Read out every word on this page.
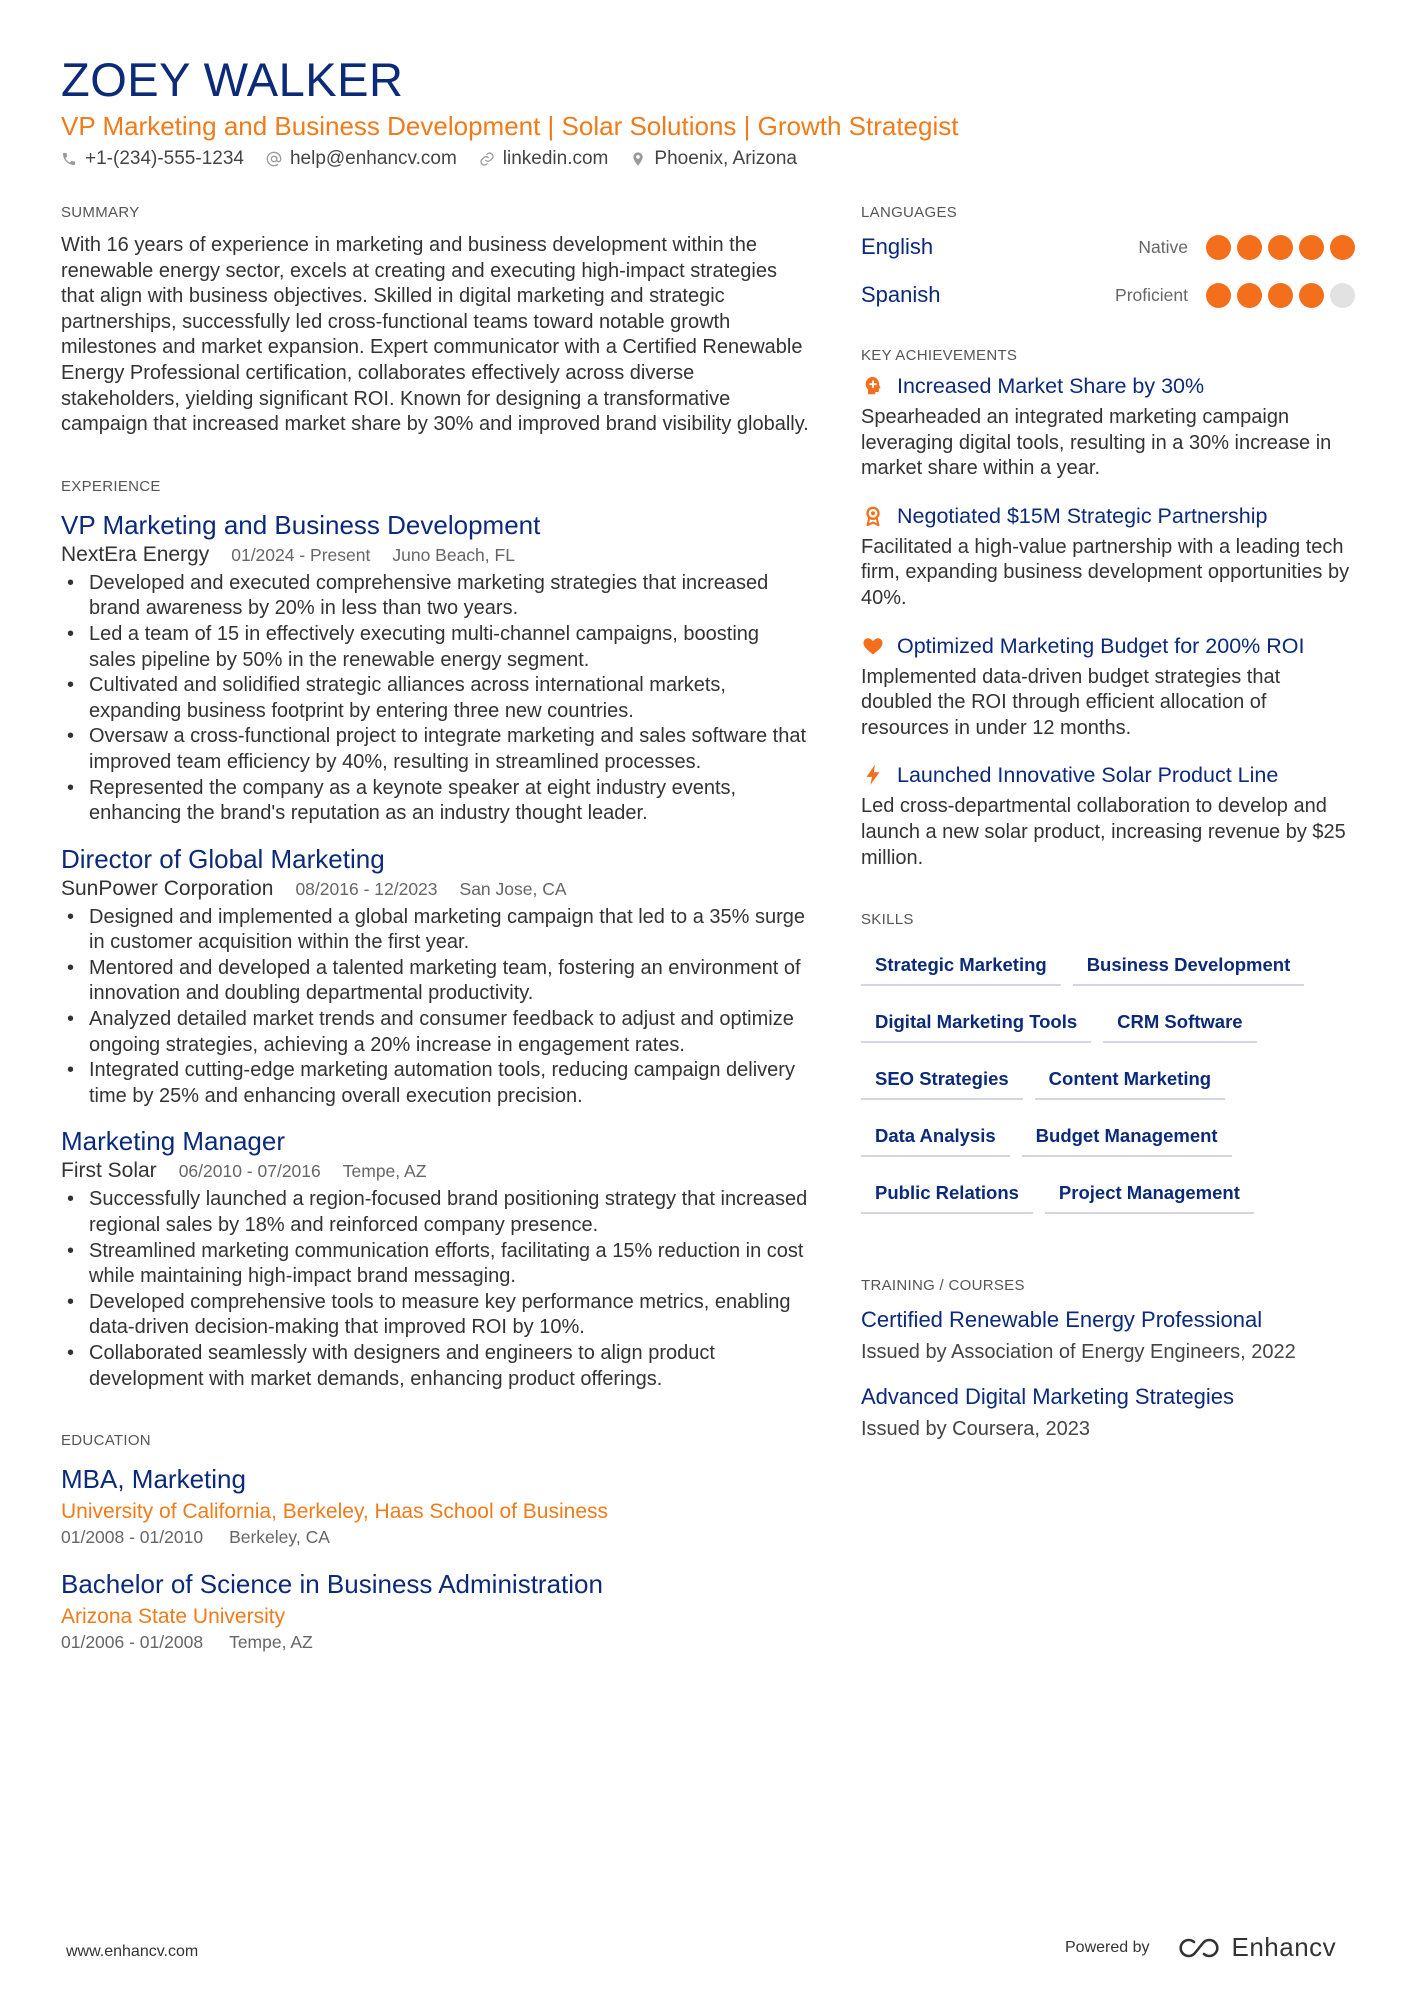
ZOEY WALKER
VP Marketing and Business Development | Solar Solutions | Growth Strategist
+1-(234)-555-1234 help@enhancv.com linkedin.com Phoenix, Arizona
SUMMARY

With 16 years of experience in marketing and business development within the renewable energy sector, excels at creating and executing high-impact strategies that align with business objectives. Skilled in digital marketing and strategic partnerships, successfully led cross-functional teams toward notable growth milestones and market expansion. Expert communicator with a Certified Renewable Energy Professional certification, collaborates effectively across diverse stakeholders, yielding significant ROI. Known for designing a transformative campaign that increased market share by 30% and improved brand visibility globally.

EXPERIENCE
VP Marketing and Business Development
NextEra Energy 01/2024 - Present Juno Beach, FL
• Developed and executed comprehensive marketing strategies that increased brand awareness by 20% in less than two years.
• Led a team of 15 in effectively executing multi-channel campaigns, boosting sales pipeline by 50% in the renewable energy segment.
• Cultivated and solidified strategic alliances across international markets, expanding business footprint by entering three new countries.
• Oversaw a cross-functional project to integrate marketing and sales software that improved team efficiency by 40%, resulting in streamlined processes.
• Represented the company as a keynote speaker at eight industry events, enhancing the brand's reputation as an industry thought leader.
Director of Global Marketing
SunPower Corporation 08/2016 - 12/2023 San Jose, CA
• Designed and implemented a global marketing campaign that led to a 35% surge in customer acquisition within the first year.
• Mentored and developed a talented marketing team, fostering an environment of innovation and doubling departmental productivity.
• Analyzed detailed market trends and consumer feedback to adjust and optimize ongoing strategies, achieving a 20% increase in engagement rates.
• Integrated cutting-edge marketing automation tools, reducing campaign delivery time by 25% and enhancing overall execution precision.
Marketing Manager
First Solar 06/2010 - 07/2016 Tempe, AZ
• Successfully launched a region-focused brand positioning strategy that increased regional sales by 18% and reinforced company presence.
• Streamlined marketing communication efforts, facilitating a 15% reduction in cost while maintaining high-impact brand messaging.
• Developed comprehensive tools to measure key performance metrics, enabling data-driven decision-making that improved ROI by 10%.
• Collaborated seamlessly with designers and engineers to align product development with market demands, enhancing product offerings.
EDUCATION
MBA, Marketing
University of California, Berkeley, Haas School of Business
01/2008 - 01/2010 Berkeley, CA
Bachelor of Science in Business Administration
Arizona State University
01/2006 - 01/2008 Tempe, AZ
LANGUAGES
English	Native
Spanish	Proficient
KEY ACHIEVEMENTS
Increased Market Share by 30%
Spearheaded an integrated marketing campaign leveraging digital tools, resulting in a 30% increase in market share within a year.
Negotiated $15M Strategic Partnership
Facilitated a high-value partnership with a leading tech firm, expanding business development opportunities by 40%.
Optimized Marketing Budget for 200% ROI
Implemented data-driven budget strategies that doubled the ROI through efficient allocation of resources in under 12 months.
Launched Innovative Solar Product Line
Led cross-departmental collaboration to develop and launch a new solar product, increasing revenue by $25 million.
SKILLS
Strategic Marketing	Business Development
Digital Marketing Tools	CRM Software
SEO Strategies	Content Marketing
Data Analysis	Budget Management
Public Relations	Project Management
TRAINING / COURSES
Certified Renewable Energy Professional
Issued by Association of Energy Engineers, 2022
Advanced Digital Marketing Strategies
Issued by Coursera, 2023
www.enhancv.com	Powered by	Enhancv
